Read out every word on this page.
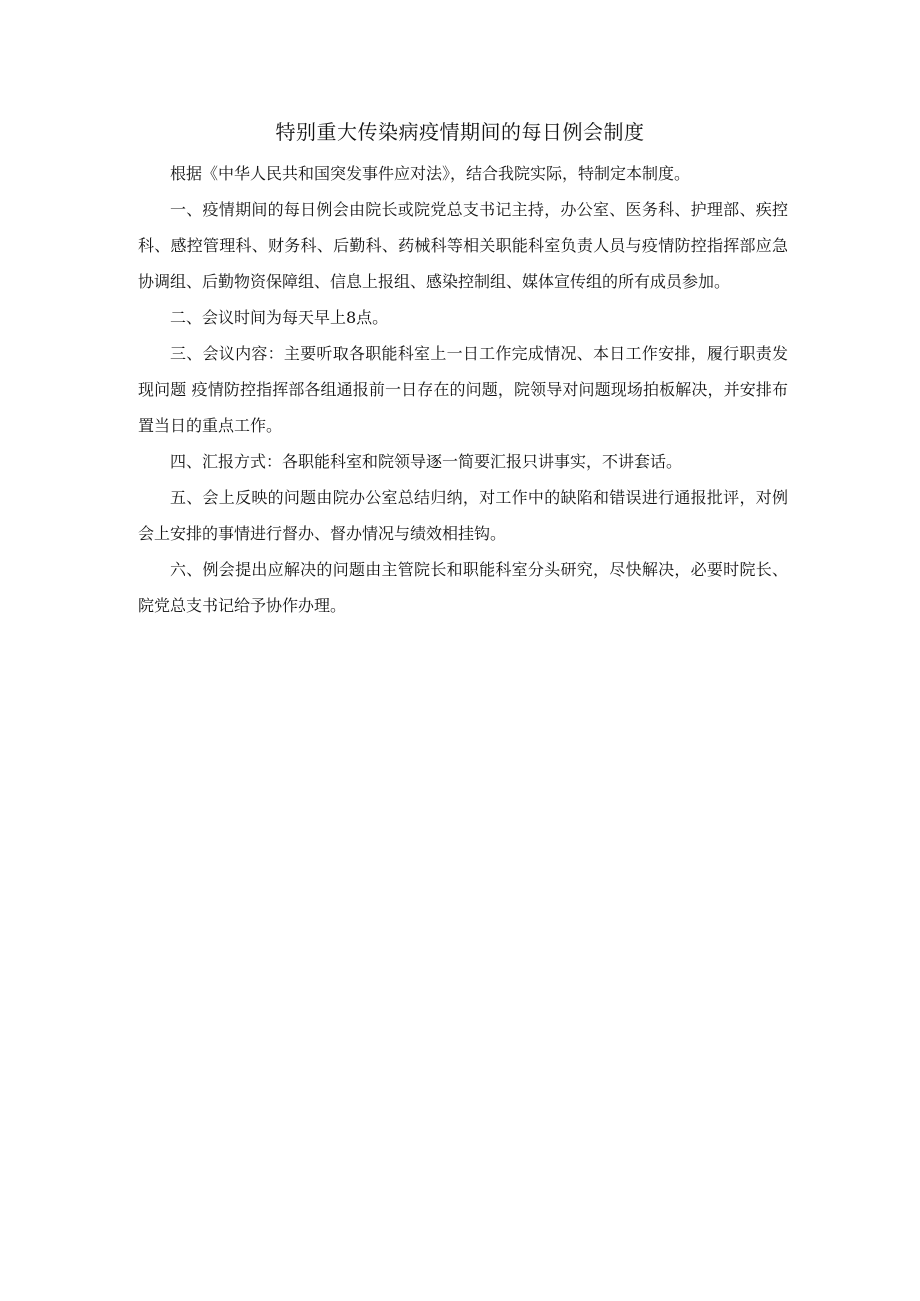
特别重大传染病疫情期间的每日例会制度

根据《中华人民共和国突发事件应对法》，结合我院实际，特制定本制度。

一、疫情期间的每日例会由院长或院党总支书记主持，办公室、医务科、护理部、疾控科、感控管理科、财务科、后勤科、药械科等相关职能科室负责人员与疫情防控指挥部应急协调组、后勤物资保障组、信息上报组、感染控制组、媒体宣传组的所有成员参加。

二、会议时间为每天早上8点。

三、会议内容：主要听取各职能科室上一日工作完成情况、本日工作安排，履行职责发现问题 疫情防控指挥部各组通报前一日存在的问题，院领导对问题现场拍板解决，并安排布置当日的重点工作。

四、汇报方式：各职能科室和院领导逐一简要汇报只讲事实，不讲套话。

五、会上反映的问题由院办公室总结归纳，对工作中的缺陷和错误进行通报批评，对例会上安排的事情进行督办、督办情况与绩效相挂钩。

六、例会提出应解决的问题由主管院长和职能科室分头研究，尽快解决，必要时院长、院党总支书记给予协作办理。
